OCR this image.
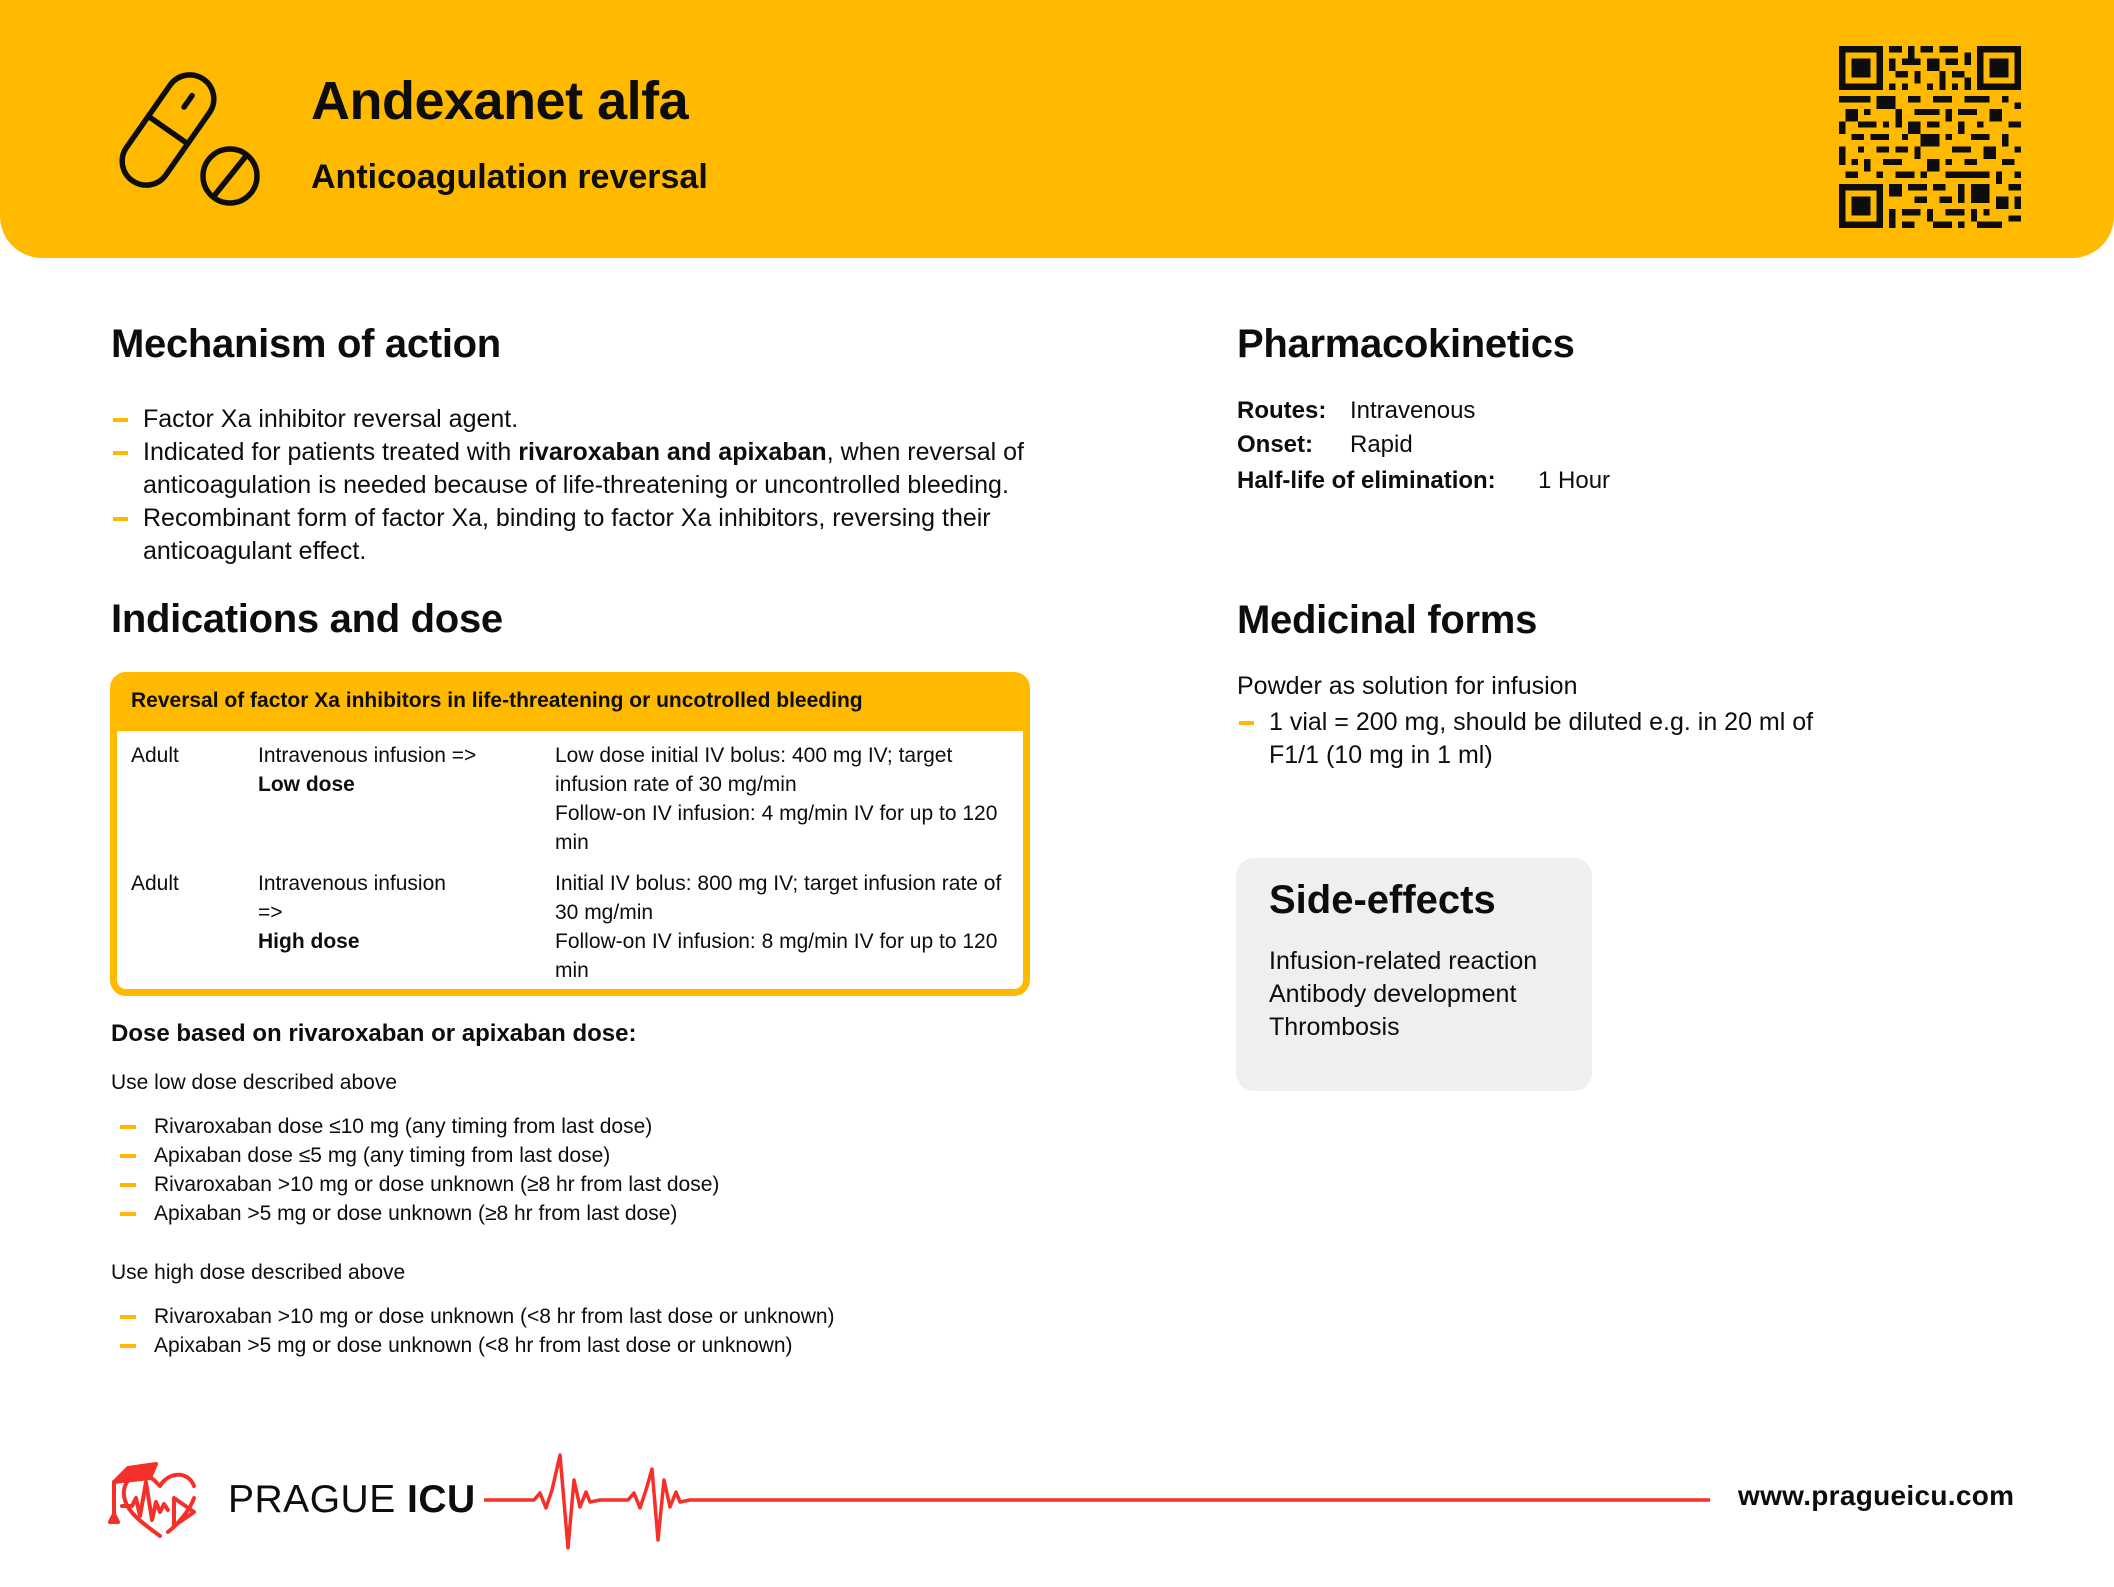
Andexanet alfa
Anticoagulation reversal
Mechanism of action
Factor Xa inhibitor reversal agent.
Indicated for patients treated with rivaroxaban and apixaban, when reversal of anticoagulation is needed because of life-threatening or uncontrolled bleeding.
Recombinant form of factor Xa, binding to factor Xa inhibitors, reversing their anticoagulant effect.
Indications and dose
Reversal of factor Xa inhibitors in life-threatening or uncotrolled bleeding
Adult	Intravenous infusion =>
Low dose
Low dose initial IV bolus: 400 mg IV; target infusion rate of 30 mg/min
Follow-on IV infusion: 4 mg/min IV for up to 120 min
Adult	Intravenous infusion =>
High dose
Initial IV bolus: 800 mg IV; target infusion rate of 30 mg/min
Follow-on IV infusion: 8 mg/min IV for up to 120 min
Dose based on rivaroxaban or apixaban dose:
Use low dose described above
Rivaroxaban dose ≤10 mg (any timing from last dose)
Apixaban dose ≤5 mg (any timing from last dose)
Rivaroxaban >10 mg or dose unknown (≥8 hr from last dose)
Apixaban >5 mg or dose unknown (≥8 hr from last dose)
Use high dose described above
Rivaroxaban >10 mg or dose unknown (<8 hr from last dose or unknown)
Apixaban >5 mg or dose unknown (<8 hr from last dose or unknown)
Pharmacokinetics
Routes: Intravenous
Onset: Rapid
Half-life of elimination: 1 Hour
Medicinal forms
Powder as solution for infusion
1 vial = 200 mg, should be diluted e.g. in 20 ml of F1/1 (10 mg in 1 ml)
Side-effects
Infusion-related reaction
Antibody development
Thrombosis
PRAGUE ICU	www.pragueicu.com
